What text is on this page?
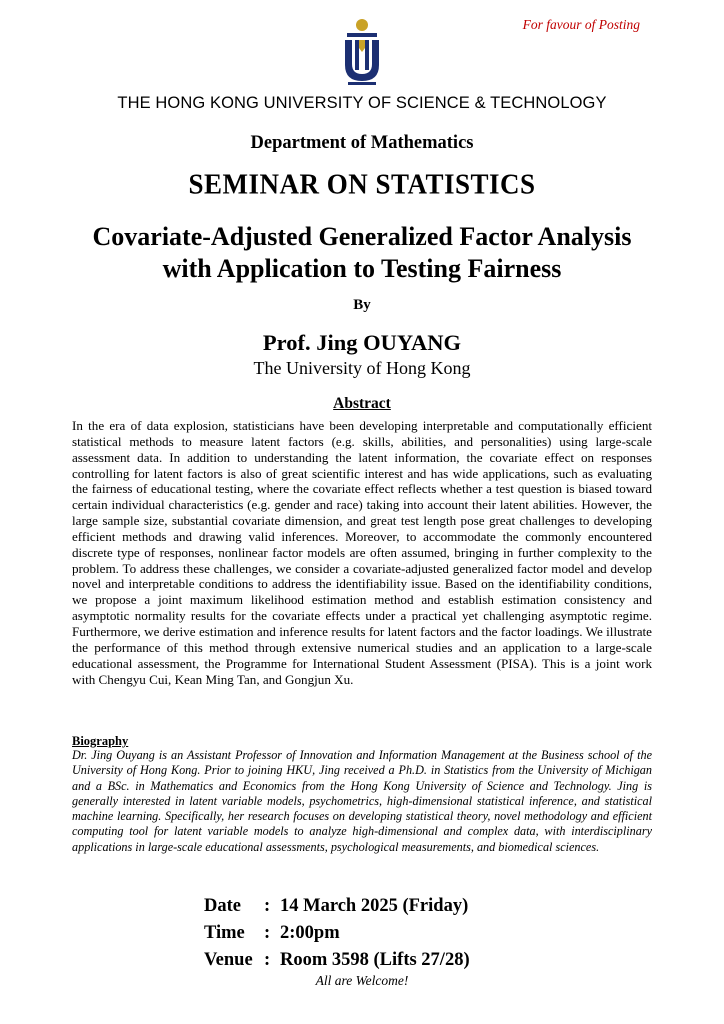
For favour of Posting
THE HONG KONG UNIVERSITY OF SCIENCE & TECHNOLOGY
Department of Mathematics
SEMINAR ON STATISTICS
Covariate-Adjusted Generalized Factor Analysis
with Application to Testing Fairness
By
Prof. Jing OUYANG
The University of Hong Kong
Abstract
In the era of data explosion, statisticians have been developing interpretable and computationally efficient statistical methods to measure latent factors (e.g. skills, abilities, and personalities) using large-scale assessment data. In addition to understanding the latent information, the covariate effect on responses controlling for latent factors is also of great scientific interest and has wide applications, such as evaluating the fairness of educational testing, where the covariate effect reflects whether a test question is biased toward certain individual characteristics (e.g. gender and race) taking into account their latent abilities. However, the large sample size, substantial covariate dimension, and great test length pose great challenges to developing efficient methods and drawing valid inferences. Moreover, to accommodate the commonly encountered discrete type of responses, nonlinear factor models are often assumed, bringing in further complexity to the problem. To address these challenges, we consider a covariate-adjusted generalized factor model and develop novel and interpretable conditions to address the identifiability issue. Based on the identifiability conditions, we propose a joint maximum likelihood estimation method and establish estimation consistency and asymptotic normality results for the covariate effects under a practical yet challenging asymptotic regime. Furthermore, we derive estimation and inference results for latent factors and the factor loadings. We illustrate the performance of this method through extensive numerical studies and an application to a large-scale educational assessment, the Programme for International Student Assessment (PISA). This is a joint work with Chengyu Cui, Kean Ming Tan, and Gongjun Xu.
Biography
Dr. Jing Ouyang is an Assistant Professor of Innovation and Information Management at the Business school of the University of Hong Kong. Prior to joining HKU, Jing received a Ph.D. in Statistics from the University of Michigan and a BSc. in Mathematics and Economics from the Hong Kong University of Science and Technology. Jing is generally interested in latent variable models, psychometrics, high-dimensional statistical inference, and statistical machine learning. Specifically, her research focuses on developing statistical theory, novel methodology and efficient computing tool for latent variable models to analyze high-dimensional and complex data, with interdisciplinary applications in large-scale educational assessments, psychological measurements, and biomedical sciences.
Date	: 14 March 2025 (Friday)
Time	: 2:00pm
Venue : Room 3598 (Lifts 27/28)
All are Welcome!
